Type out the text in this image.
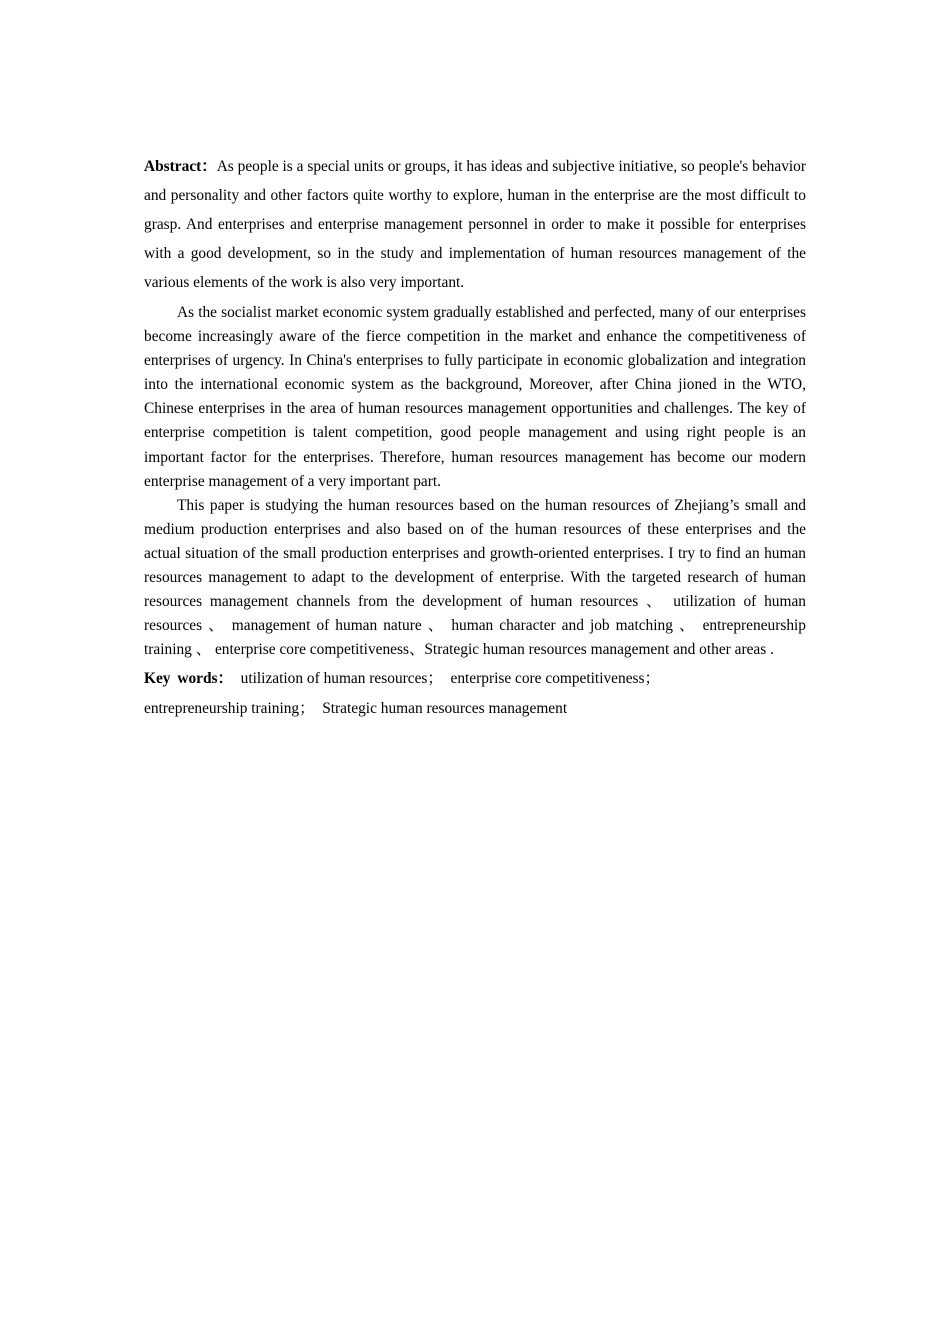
Abstract：As people is a special units or groups, it has ideas and subjective initiative, so people's behavior and personality and other factors quite worthy to explore, human in the enterprise are the most difficult to grasp. And enterprises and enterprise management personnel in order to make it possible for enterprises with a good development, so in the study and implementation of human resources management of the various elements of the work is also very important.

As the socialist market economic system gradually established and perfected, many of our enterprises become increasingly aware of the fierce competition in the market and enhance the competitiveness of enterprises of urgency. In China's enterprises to fully participate in economic globalization and integration into the international economic system as the background, Moreover, after China jioned in the WTO, Chinese enterprises in the area of human resources management opportunities and challenges. The key of enterprise competition is talent competition, good people management and using right people is an important factor for the enterprises. Therefore, human resources management has become our modern enterprise management of a very important part.

This paper is studying the human resources based on the human resources of Zhejiang’s small and medium production enterprises and also based on of the human resources of these enterprises and the actual situation of the small production enterprises and growth-oriented enterprises. I try to find an human resources management to adapt to the development of enterprise. With the targeted research of human resources management channels from the development of human resources 、 utilization of human resources 、 management of human nature 、 human character and job matching 、 entrepreneurship training 、 enterprise core competitiveness、Strategic human resources management and other areas .

Key words：  utilization of human resources；  enterprise core competitiveness；

entrepreneurship training；  Strategic human resources management
